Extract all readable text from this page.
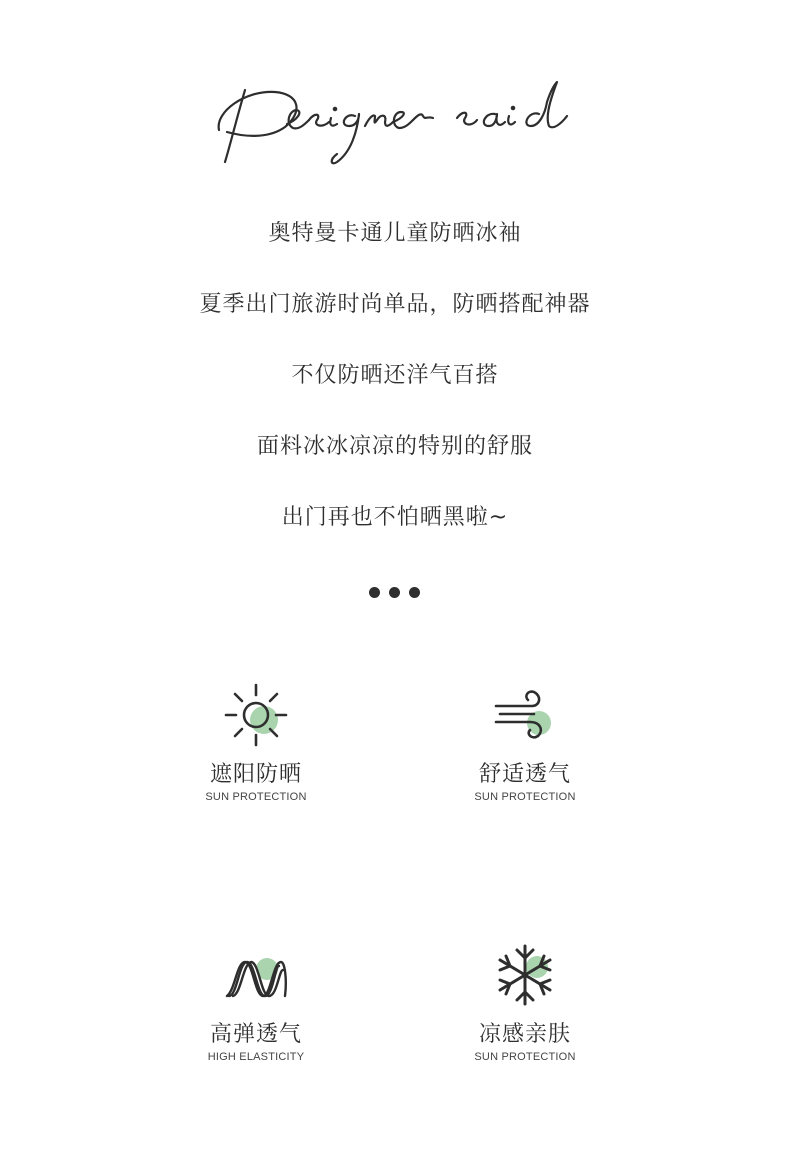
奥特曼卡通儿童防晒冰袖
夏季出门旅游时尚单品，防晒搭配神器
不仅防晒还洋气百搭
面料冰冰凉凉的特别的舒服
出门再也不怕晒黑啦~
遮阳防晒
SUN PROTECTION
舒适透气
SUN PROTECTION
高弹透气
HIGH ELASTICITY
凉感亲肤
SUN PROTECTION
